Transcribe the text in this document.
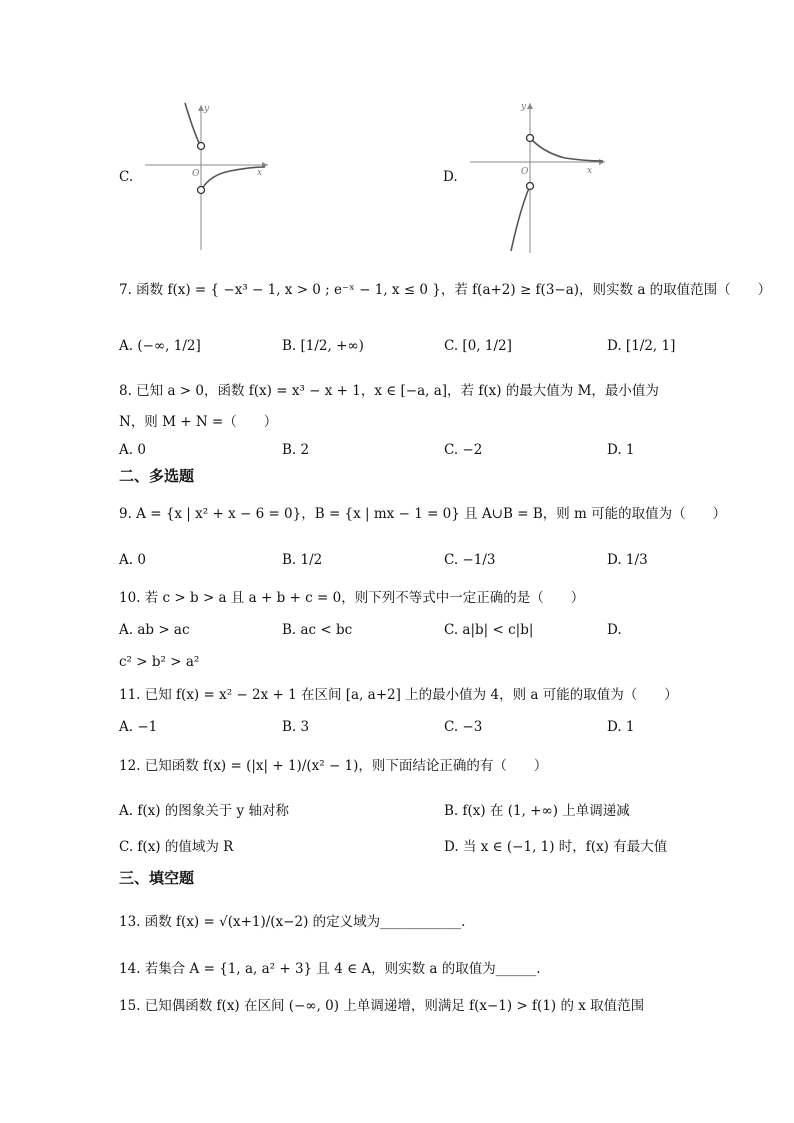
C.
y
x
O	D.
y
x
O
7. 函数 f(x) = { −x³ − 1, x > 0 ; e⁻ˣ − 1, x ≤ 0 }，若 f(a+2) ≥ f(3−a)，则实数 a 的取值范围（　　）
A. (−∞, 1/2]	B. [1/2, +∞)	C. [0, 1/2]	D. [1/2, 1]
8. 已知 a > 0，函数 f(x) = x³ − x + 1，x ∈ [−a, a]，若 f(x) 的最大值为 M，最小值为
N，则 M + N =（　　）
A. 0	B. 2	C. −2	D. 1
二、多选题
9. A = {x | x² + x − 6 = 0}，B = {x | mx − 1 = 0} 且 A∪B = B，则 m 可能的取值为（　　）
A. 0	B. 1/2	C. −1/3	D. 1/3
10. 若 c > b > a 且 a + b + c = 0，则下列不等式中一定正确的是（　　）
A. ab > ac	B. ac < bc	C. a|b| < c|b|	D.
c² > b² > a²
11. 已知 f(x) = x² − 2x + 1 在区间 [a, a+2] 上的最小值为 4，则 a 可能的取值为（　　）
A. −1	B. 3	C. −3	D. 1
12. 已知函数 f(x) = (|x| + 1)/(x² − 1)，则下面结论正确的有（　　）
A. f(x) 的图象关于 y 轴对称	B. f(x) 在 (1, +∞) 上单调递减
C. f(x) 的值域为 R	D. 当 x ∈ (−1, 1) 时，f(x) 有最大值
三、填空题
13. 函数 f(x) = √(x+1)/(x−2) 的定义域为____________.
14. 若集合 A = {1, a, a² + 3} 且 4 ∈ A，则实数 a 的取值为______.
15. 已知偶函数 f(x) 在区间 (−∞, 0) 上单调递增，则满足 f(x−1) > f(1) 的 x 取值范围
